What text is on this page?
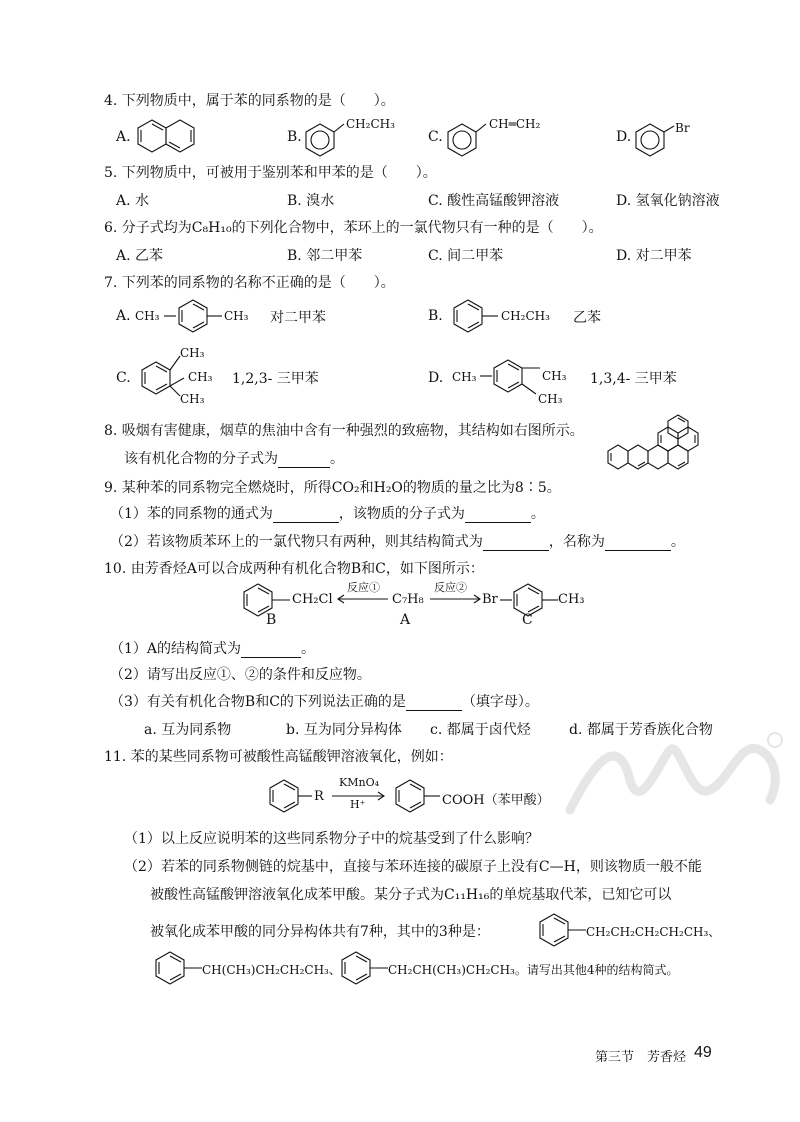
4. 下列物质中，属于苯的同系物的是（　　）。
A.	B.
CH₂CH₃
C.
CH═CH₂
D.
Br
5. 下列物质中，可被用于鉴别苯和甲苯的是（　　）。
A. 水	B. 溴水	C. 酸性高锰酸钾溶液	D. 氢氧化钠溶液
6. 分子式均为C₈H₁₀的下列化合物中，苯环上的一氯代物只有一种的是（　　）。
A. 乙苯	B. 邻二甲苯	C. 间二甲苯	D. 对二甲苯
7. 下列苯的同系物的名称不正确的是（　　）。
A. CH₃	CH₃ 对二甲苯	B.	CH₂CH₃ 乙苯
C.
CH₃
CH₃
CH₃
1,2,3- 三甲苯	D. CH₃	CH₃
CH₃
1,3,4- 三甲苯
8. 吸烟有害健康，烟草的焦油中含有一种强烈的致癌物，其结构如右图所示。
该有机化合物的分子式为	。
9. 某种苯的同系物完全燃烧时，所得CO₂和H₂O的物质的量之比为8∶5。
（1）苯的同系物的通式为	，该物质的分子式为	。
（2）若该物质苯环上的一氯代物只有两种，则其结构简式为	，名称为	。
10. 由芳香烃A可以合成两种有机化合物B和C，如下图所示：
CH₂Cl
反应①
C₇H₈ →
反应②
Br	CH₃
B	A	C
（1）A的结构简式为	。
（2）请写出反应①、②的条件和反应物。
（3）有关有机化合物B和C的下列说法正确的是	（填字母）。
a. 互为同系物	b. 互为同分异构体 c. 都属于卤代烃	d. 都属于芳香族化合物
11. 苯的某些同系物可被酸性高锰酸钾溶液氧化，例如：
R
KMnO₄
H⁺	COOH（苯甲酸）
（1）以上反应说明苯的这些同系物分子中的烷基受到了什么影响？
（2）若苯的同系物侧链的烷基中，直接与苯环连接的碳原子上没有C—H，则该物质一般不能
被酸性高锰酸钾溶液氧化成苯甲酸。某分子式为C₁₁H₁₆的单烷基取代苯，已知它可以
被氧化成苯甲酸的同分异构体共有7种，其中的3种是：	CH₂CH₂CH₂CH₂CH₃、
CH(CH₃)CH₂CH₂CH₃、	CH₂CH(CH₃)CH₂CH₃。请写出其他4种的结构简式。
第三节　芳香烃 49
